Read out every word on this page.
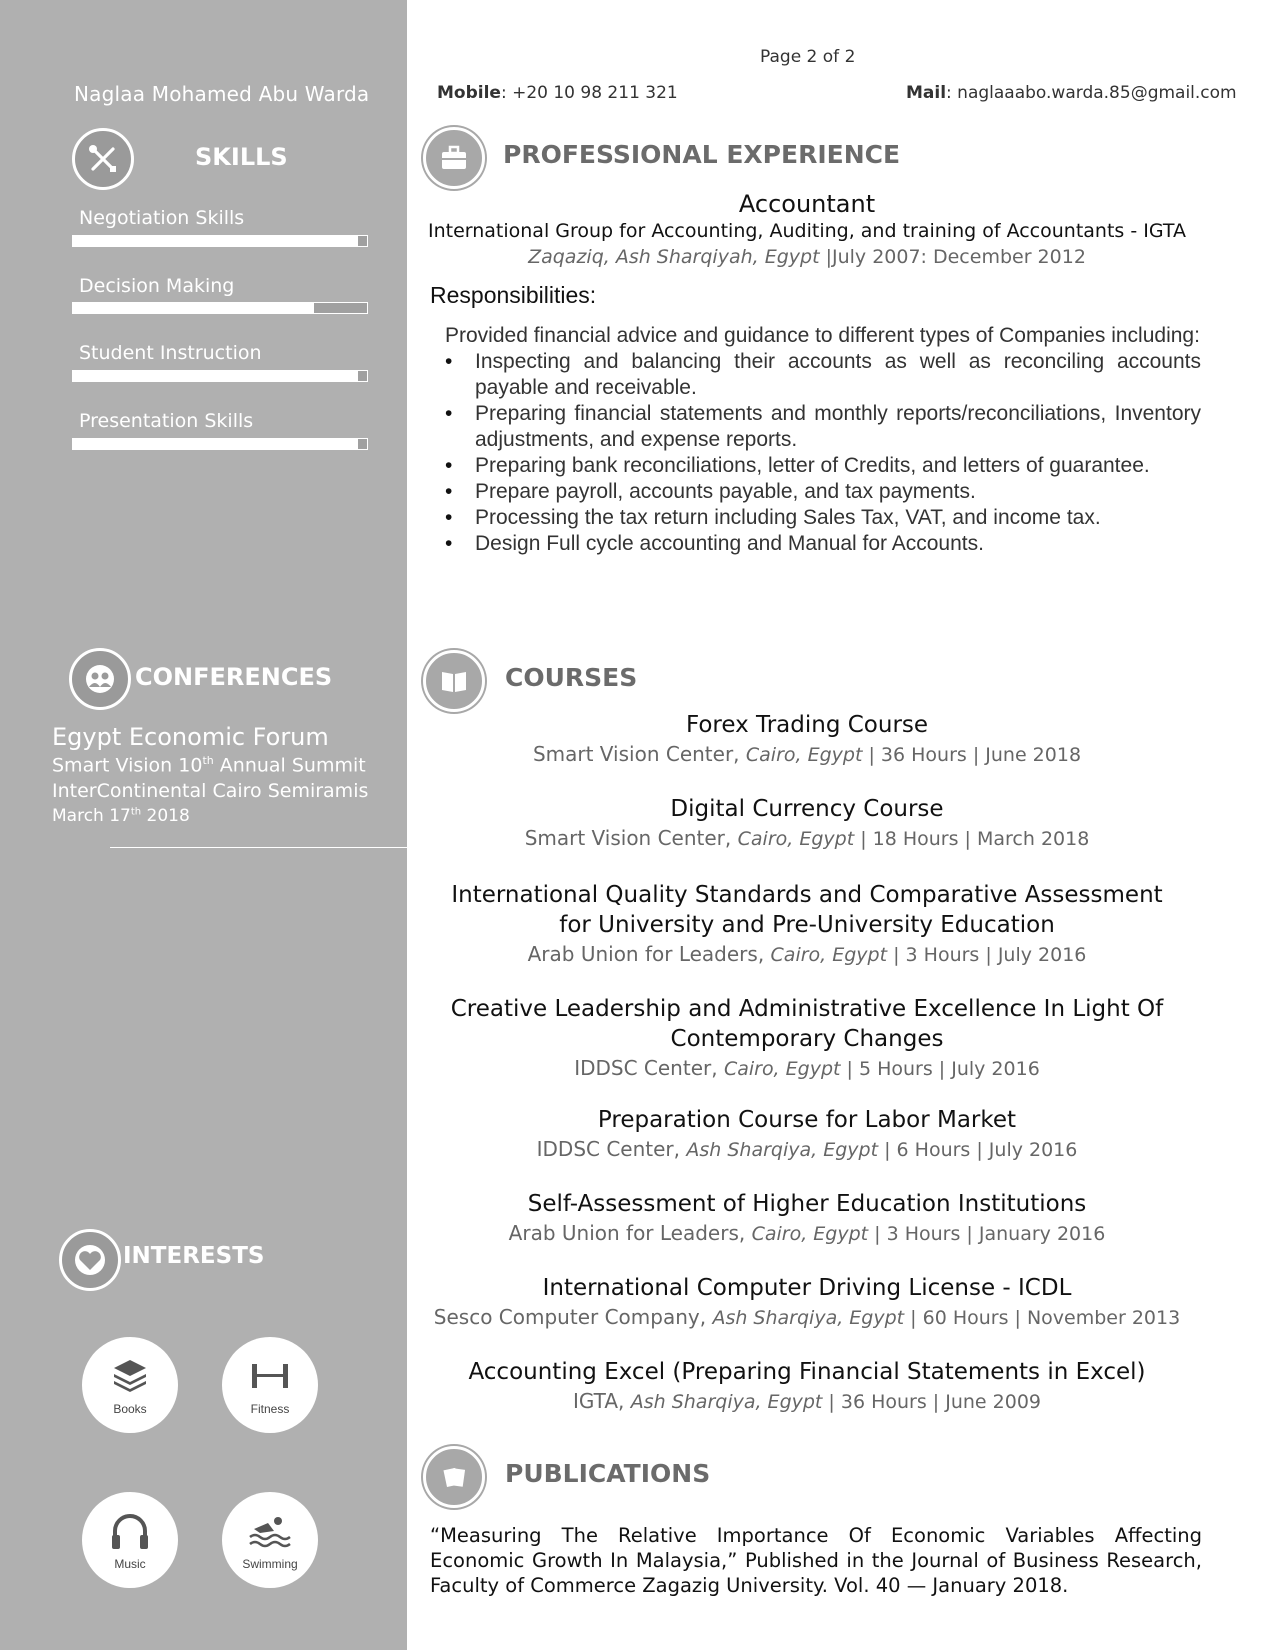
Naglaa Mohamed Abu Warda
SKILLS
Negotiation Skills
Decision Making
Student Instruction
Presentation Skills
CONFERENCES
Egypt Economic Forum
Smart Vision 10th Annual Summit
InterContinental Cairo Semiramis
March 17th 2018
INTERESTS
Books	Fitness
Music	Swimming
Page 2 of 2
Mobile: +20 10 98 211 321	Mail: naglaaabo.warda.85@gmail.com
PROFESSIONAL EXPERIENCE
Accountant
International Group for Accounting, Auditing, and training of Accountants - IGTA
Zaqaziq, Ash Sharqiyah, Egypt |July 2007: December 2012
Responsibilities:
Provided financial advice and guidance to different types of Companies including:
• Inspecting and balancing their accounts as well as reconciling accounts payable and receivable.
• Preparing financial statements and monthly reports/reconciliations, Inventory adjustments, and expense reports.
• Preparing bank reconciliations, letter of Credits, and letters of guarantee.
• Prepare payroll, accounts payable, and tax payments.
• Processing the tax return including Sales Tax, VAT, and income tax.
• Design Full cycle accounting and Manual for Accounts.
COURSES
Forex Trading Course
Smart Vision Center, Cairo, Egypt | 36 Hours | June 2018
Digital Currency Course
Smart Vision Center, Cairo, Egypt | 18 Hours | March 2018
International Quality Standards and Comparative Assessment for University and Pre-University Education
Arab Union for Leaders, Cairo, Egypt | 3 Hours | July 2016
Creative Leadership and Administrative Excellence In Light Of Contemporary Changes
IDDSC Center, Cairo, Egypt | 5 Hours | July 2016
Preparation Course for Labor Market
IDDSC Center, Ash Sharqiya, Egypt | 6 Hours | July 2016
Self-Assessment of Higher Education Institutions
Arab Union for Leaders, Cairo, Egypt | 3 Hours | January 2016
International Computer Driving License - ICDL
Sesco Computer Company, Ash Sharqiya, Egypt | 60 Hours | November 2013
Accounting Excel (Preparing Financial Statements in Excel)
IGTA, Ash Sharqiya, Egypt | 36 Hours | June 2009
PUBLICATIONS
“Measuring The Relative Importance Of Economic Variables Affecting Economic Growth In Malaysia,” Published in the Journal of Business Research, Faculty of Commerce Zagazig University. Vol. 40 — January 2018.
